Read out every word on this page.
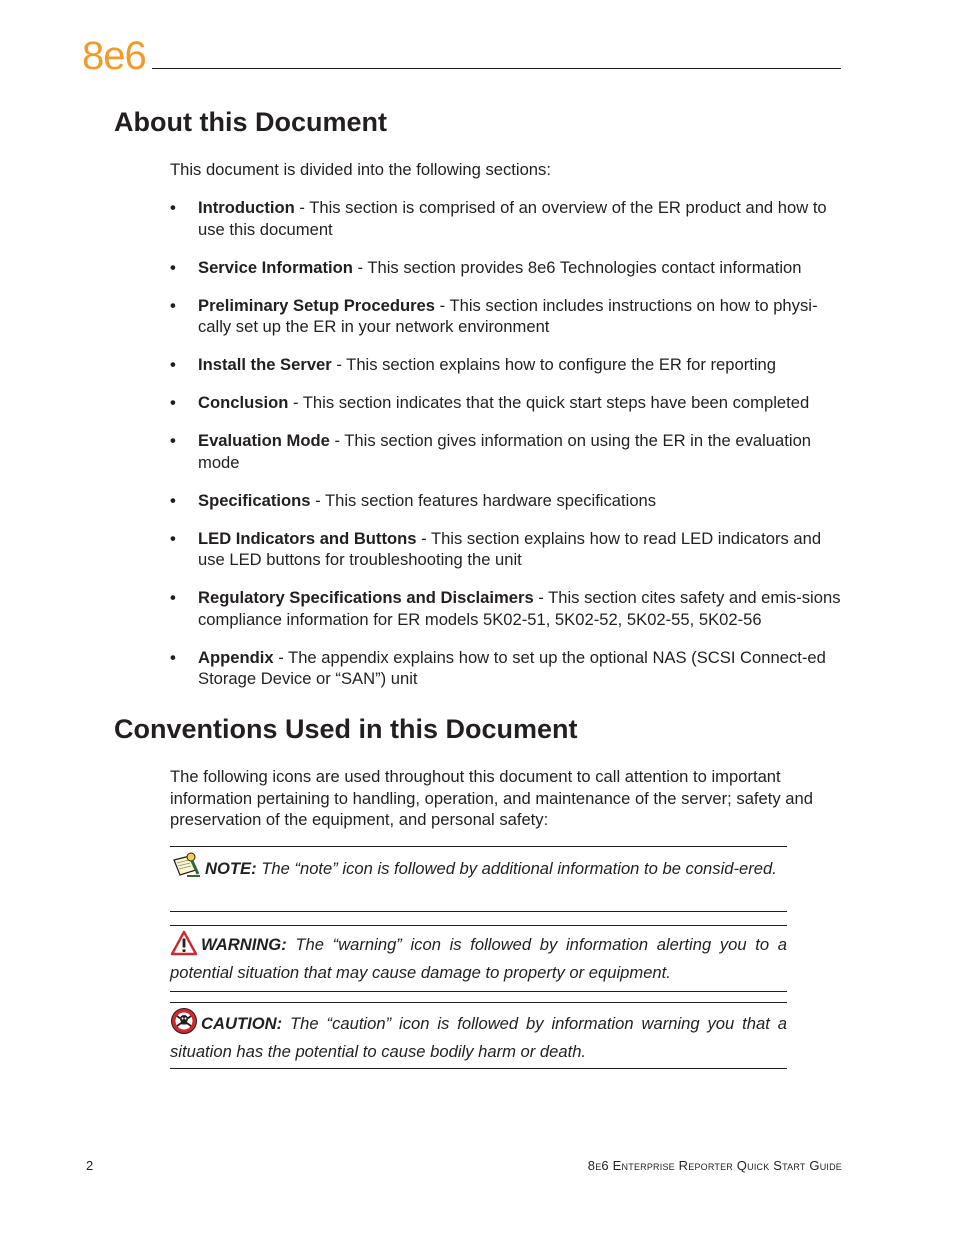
8e6
About this Document

This document is divided into the following sections:

• Introduction - This section is comprised of an overview of the ER product and how to use this document
• Service Information - This section provides 8e6 Technologies contact information
• Preliminary Setup Procedures - This section includes instructions on how to physi-cally set up the ER in your network environment
• Install the Server - This section explains how to configure the ER for reporting
• Conclusion - This section indicates that the quick start steps have been completed
• Evaluation Mode - This section gives information on using the ER in the evaluation mode
• Specifications - This section features hardware specifications
• LED Indicators and Buttons - This section explains how to read LED indicators and use LED buttons for troubleshooting the unit
• Regulatory Specifications and Disclaimers - This section cites safety and emis-sions compliance information for ER models 5K02-51, 5K02-52, 5K02-55, 5K02-56
• Appendix - The appendix explains how to set up the optional NAS (SCSI Connect-ed Storage Device or “SAN”) unit
Conventions Used in this Document

The following icons are used throughout this document to call attention to important information pertaining to handling, operation, and maintenance of the server; safety and preservation of the equipment, and personal safety:

NOTE: The “note” icon is followed by additional information to be consid-ered.
WARNING: The “warning” icon is followed by information alerting you to a potential situation that may cause damage to property or equipment.
CAUTION: The “caution” icon is followed by information warning you that a situation has the potential to cause bodily harm or death.
2	8e6 Enterprise Reporter Quick Start Guide
